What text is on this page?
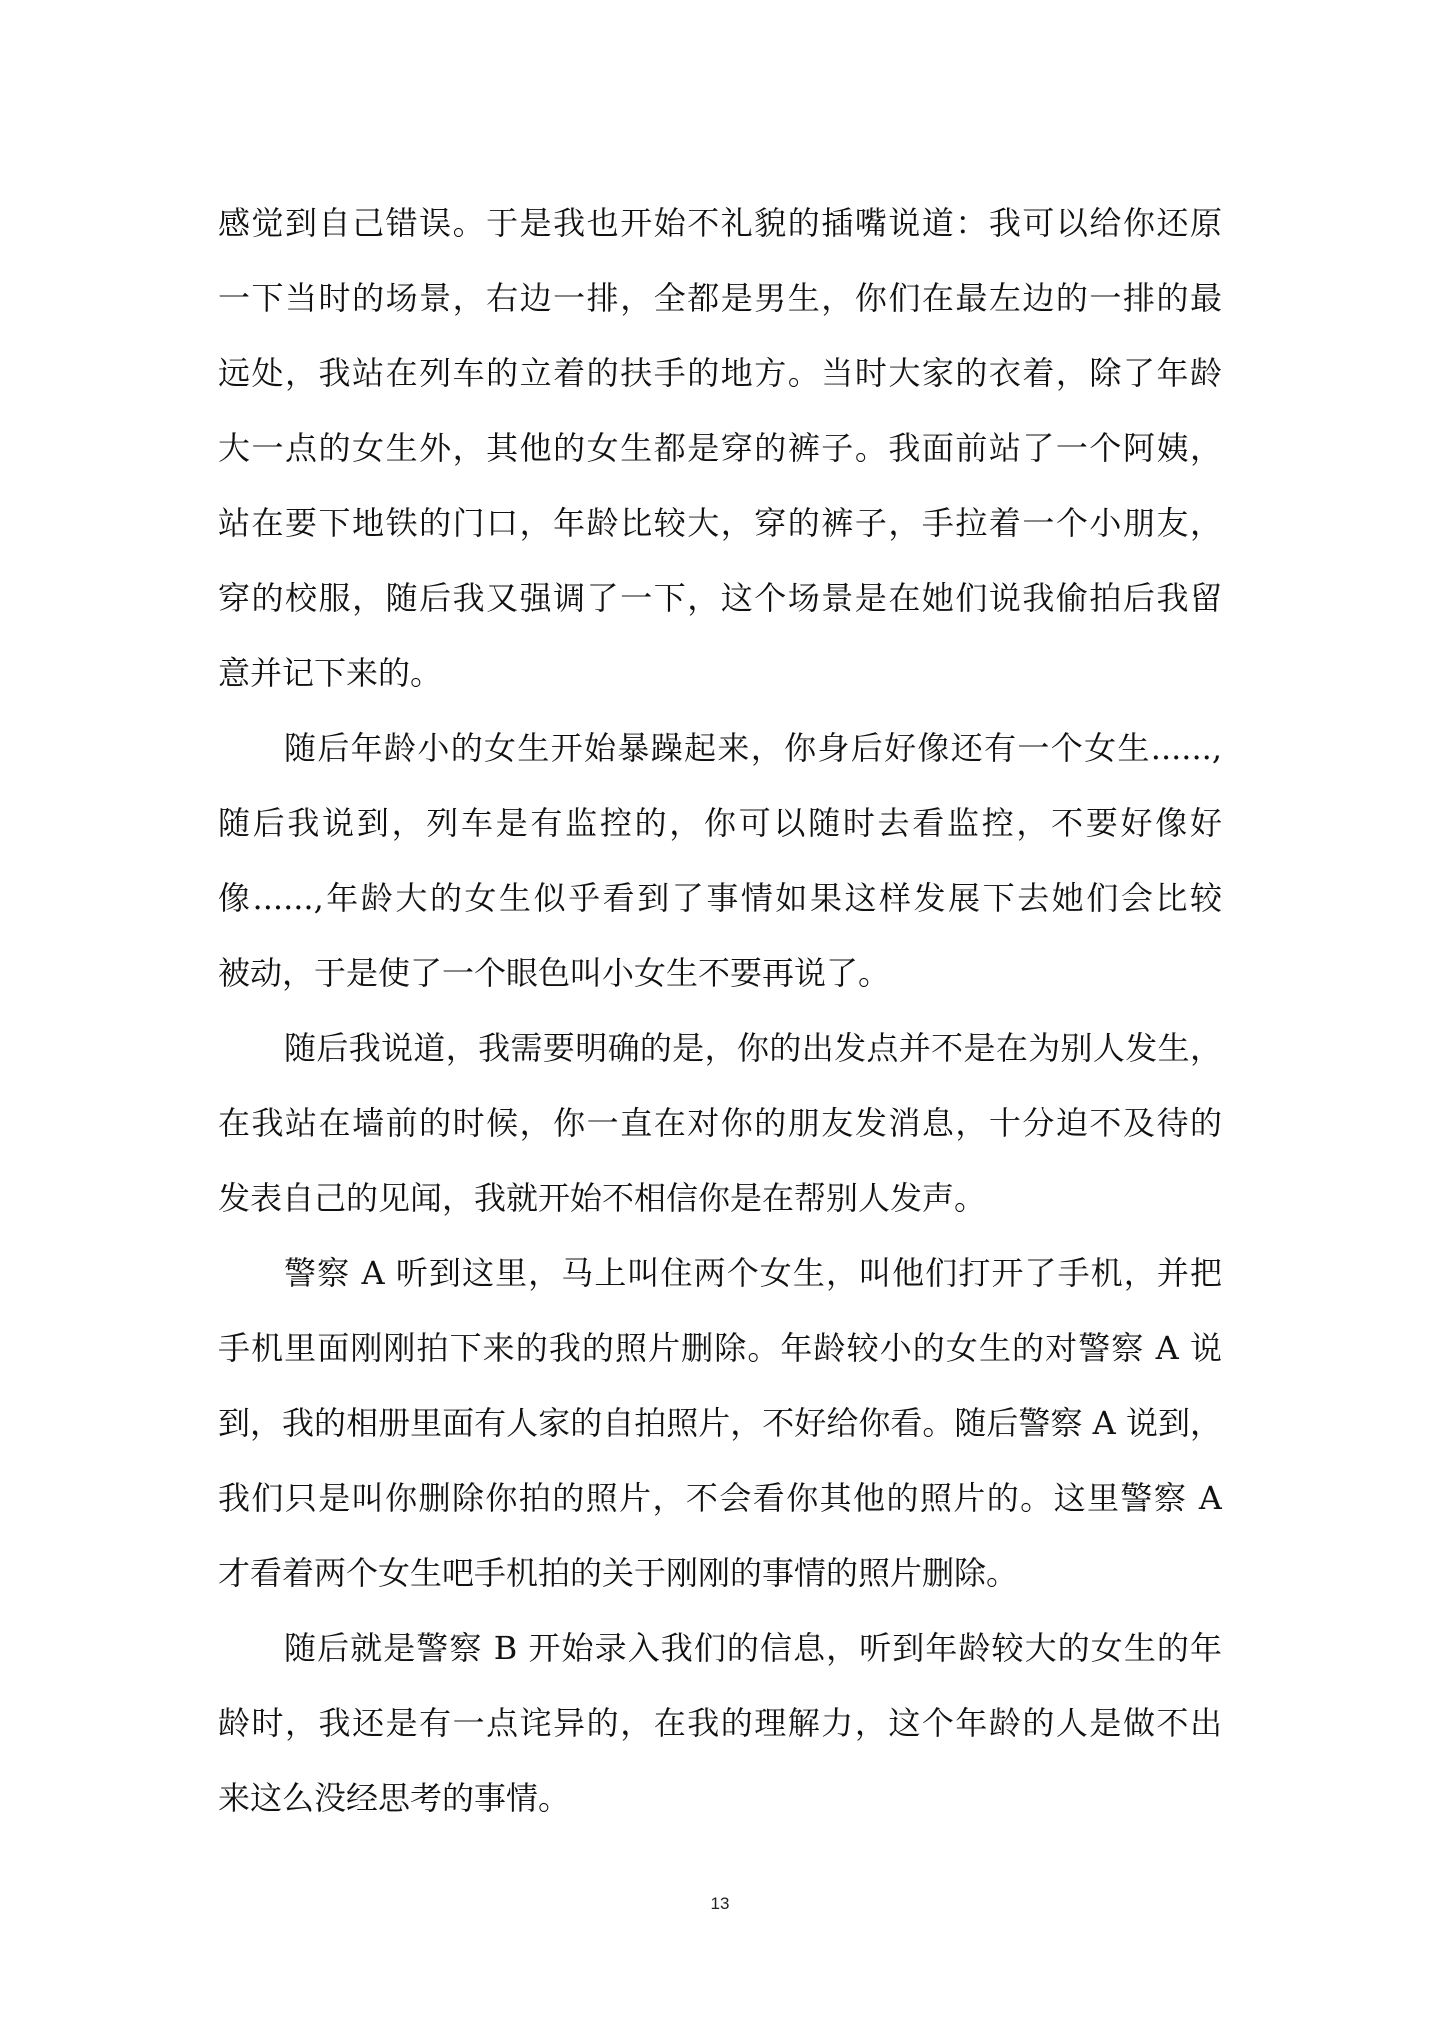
感觉到自己错误。于是我也开始不礼貌的插嘴说道：我可以给你还原
一下当时的场景，右边一排，全都是男生，你们在最左边的一排的最
远处，我站在列车的立着的扶手的地方。当时大家的衣着，除了年龄
大一点的女生外，其他的女生都是穿的裤子。我面前站了一个阿姨，
站在要下地铁的门口，年龄比较大，穿的裤子，手拉着一个小朋友，
穿的校服，随后我又强调了一下，这个场景是在她们说我偷拍后我留
意并记下来的。
随后年龄小的女生开始暴躁起来，你身后好像还有一个女生......,
随后我说到，列车是有监控的，你可以随时去看监控，不要好像好
像......,年龄大的女生似乎看到了事情如果这样发展下去她们会比较
被动，于是使了一个眼色叫小女生不要再说了。
随后我说道，我需要明确的是，你的出发点并不是在为别人发生，
在我站在墙前的时候，你一直在对你的朋友发消息，十分迫不及待的
发表自己的见闻，我就开始不相信你是在帮别人发声。
警察 A 听到这里，马上叫住两个女生，叫他们打开了手机，并把
手机里面刚刚拍下来的我的照片删除。年龄较小的女生的对警察 A 说
到，我的相册里面有人家的自拍照片，不好给你看。随后警察 A 说到，
我们只是叫你删除你拍的照片，不会看你其他的照片的。这里警察 A
才看着两个女生吧手机拍的关于刚刚的事情的照片删除。
随后就是警察 B 开始录入我们的信息，听到年龄较大的女生的年
龄时，我还是有一点诧异的，在我的理解力，这个年龄的人是做不出
来这么没经思考的事情。
13
